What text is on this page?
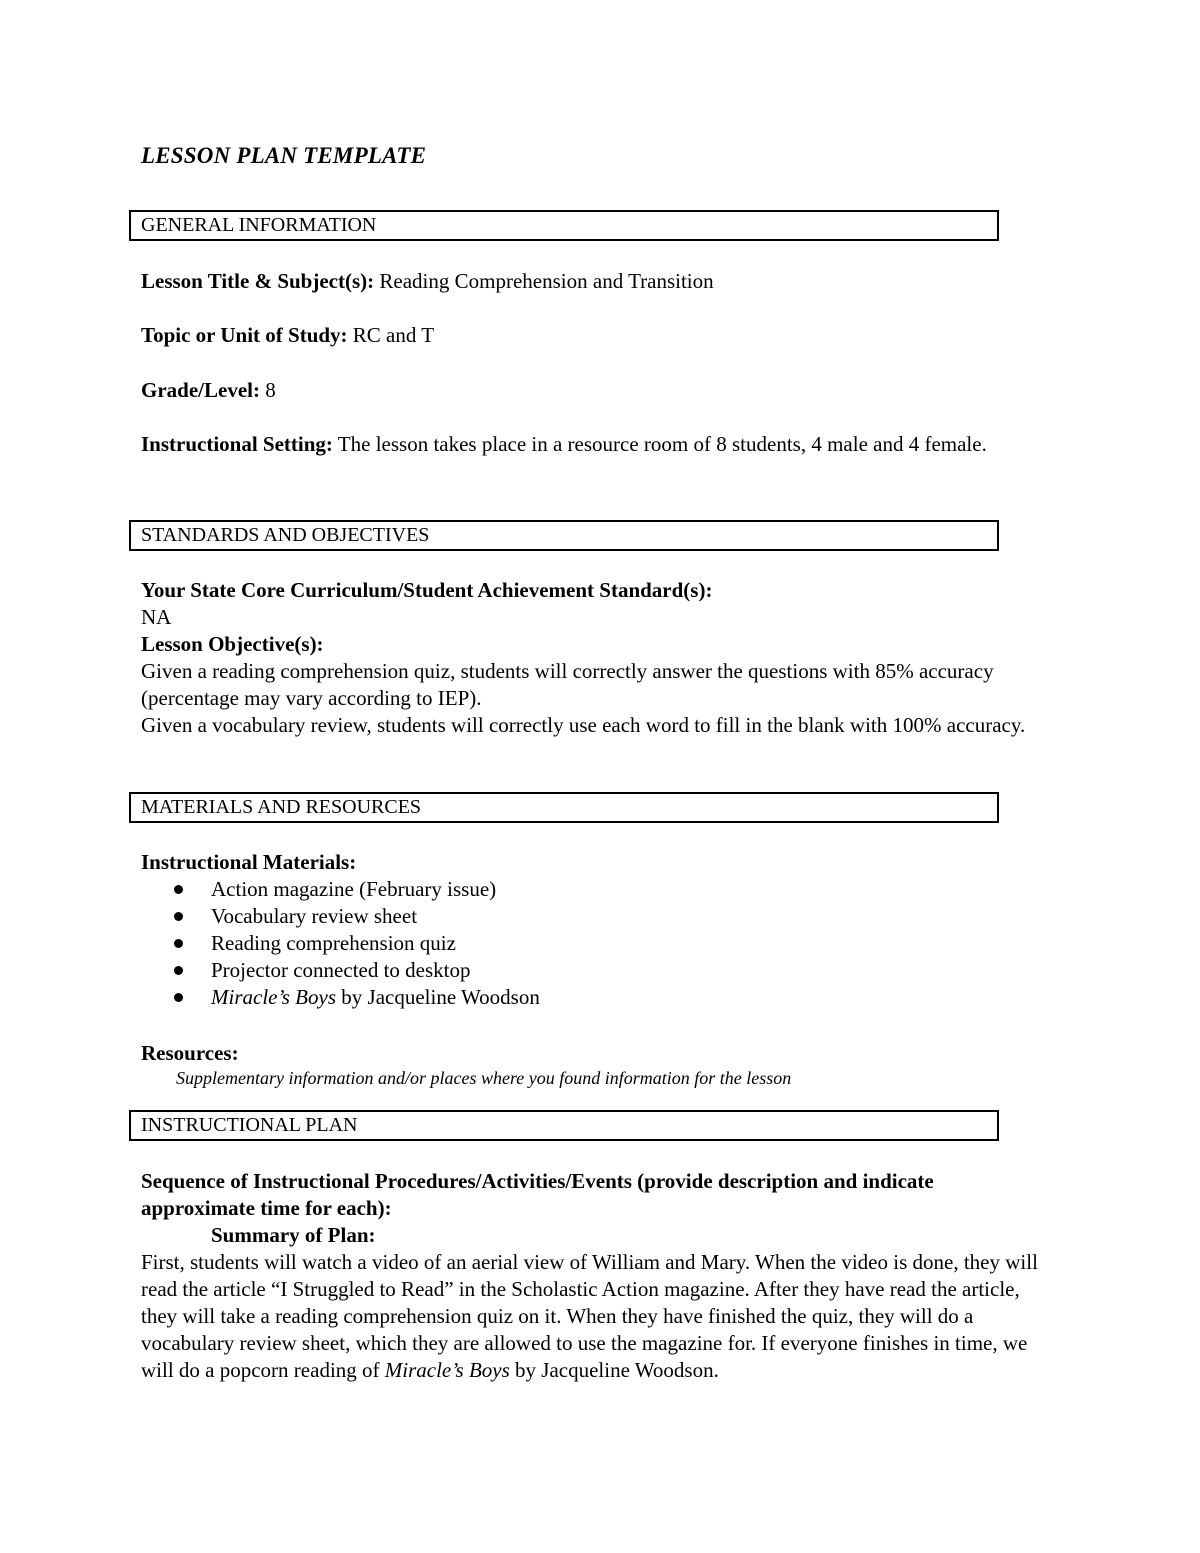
LESSON PLAN TEMPLATE
GENERAL INFORMATION
Lesson Title & Subject(s): Reading Comprehension and Transition
Topic or Unit of Study: RC and T
Grade/Level: 8
Instructional Setting: The lesson takes place in a resource room of 8 students, 4 male and 4 female.
STANDARDS AND OBJECTIVES
Your State Core Curriculum/Student Achievement Standard(s):
NA
Lesson Objective(s):
Given a reading comprehension quiz, students will correctly answer the questions with 85% accuracy (percentage may vary according to IEP).
Given a vocabulary review, students will correctly use each word to fill in the blank with 100% accuracy.
MATERIALS AND RESOURCES
Instructional Materials:
Action magazine (February issue)
Vocabulary review sheet
Reading comprehension quiz
Projector connected to desktop
Miracle’s Boys by Jacqueline Woodson
Resources:
Supplementary information and/or places where you found information for the lesson
INSTRUCTIONAL PLAN
Sequence of Instructional Procedures/Activities/Events (provide description and indicate approximate time for each):
Summary of Plan:
First, students will watch a video of an aerial view of William and Mary. When the video is done, they will read the article “I Struggled to Read” in the Scholastic Action magazine. After they have read the article, they will take a reading comprehension quiz on it. When they have finished the quiz, they will do a vocabulary review sheet, which they are allowed to use the magazine for. If everyone finishes in time, we will do a popcorn reading of Miracle’s Boys by Jacqueline Woodson.
